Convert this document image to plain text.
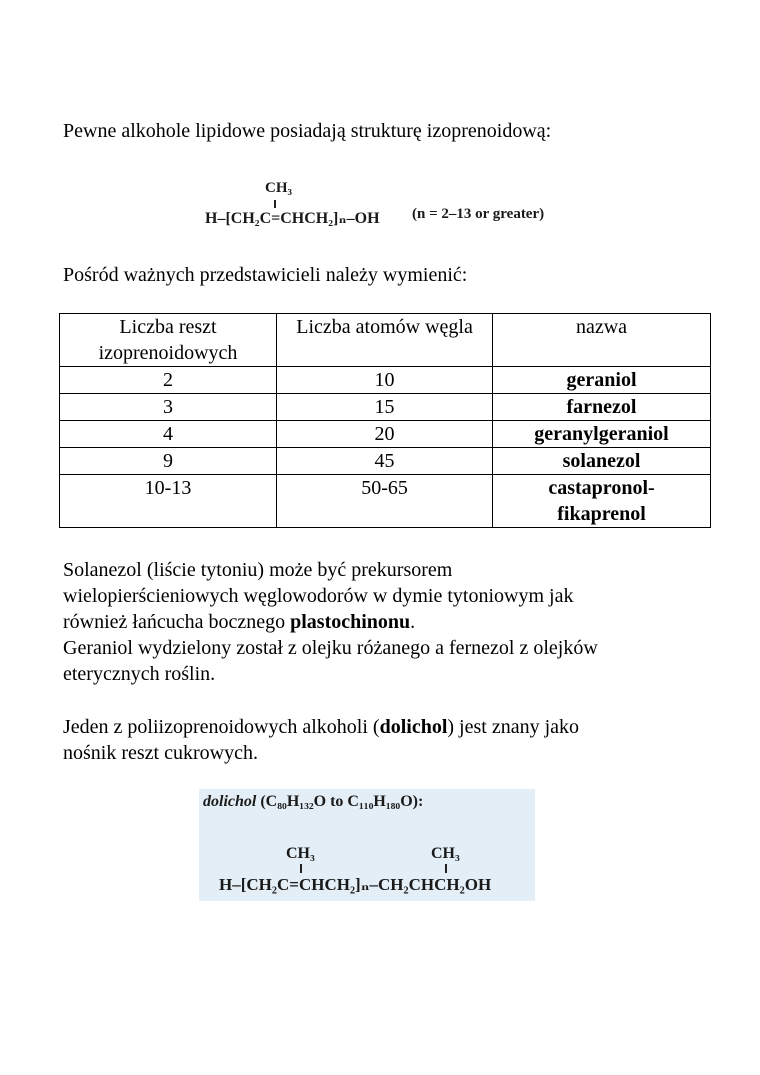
Pewne alkohole lipidowe posiadają strukturę izoprenoidową:

CH₃
H–[CH₂C=CHCH₂]ₙ–OH (n = 2–13 or greater)

Pośród ważnych przedstawicieli należy wymienić:

Liczba reszt
izoprenoidowych	Liczba atomów węgla	nazwa
2	10	geraniol
3	15	farnezol
4	20	geranylgeraniol
9	45	solanezol
10-13	50-65	castapronol-
fikaprenol

Solanezol (liście tytoniu) może być prekursorem

wielopierścieniowych węglowodorów w dymie tytoniowym jak

również łańcucha bocznego plastochinonu.

Geraniol wydzielony został z olejku różanego a fernezol z olejków

eterycznych roślin.

Jeden z poliizoprenoidowych alkoholi (dolichol) jest znany jako

nośnik reszt cukrowych.

dolichol (C₈₀H₁₃₂O to C₁₁₀H₁₈₀O):
CH₃	CH₃
H–[CH₂C=CHCH₂]ₙ–CH₂CHCH₂OH
